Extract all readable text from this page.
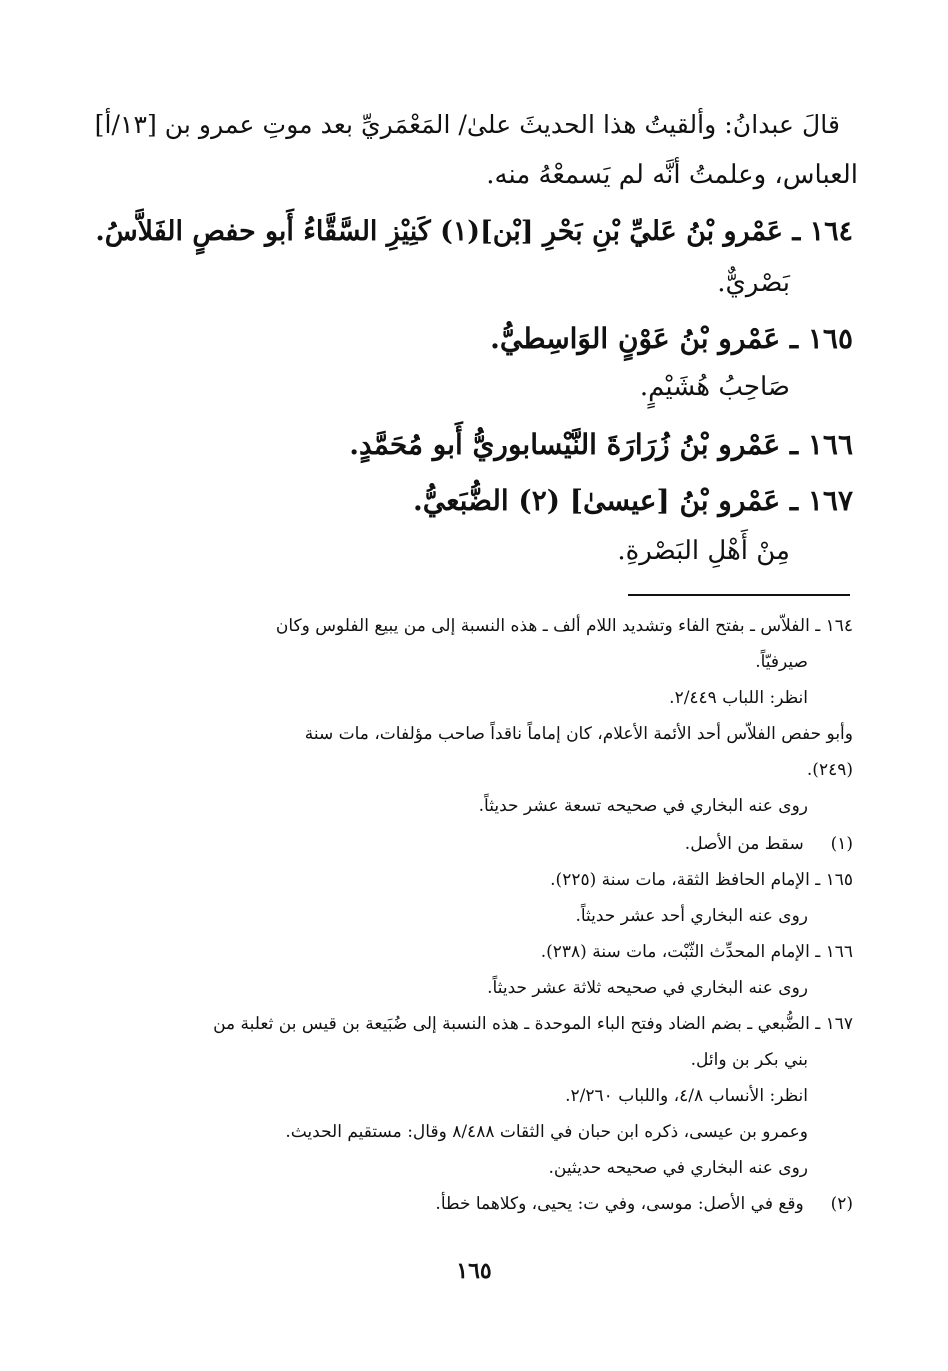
قالَ عبدانُ: وألقيتُ هذا الحديثَ علىٰ/ المَعْمَريِّ بعد موتِ عمرو بن [١٣/أ]
العباس، وعلمتُ أنَّه لم يَسمعْهُ منه.
١٦٤ ـ عَمْرو بْنُ عَليِّ بْنِ بَحْرِ [بْن](١) كَنِيْزِ السَّقَّاءُ أَبو حفصٍ الفَلاَّسُ.
بَصْريٌّ.
١٦٥ ـ عَمْرو بْنُ عَوْنٍ الوَاسِطيُّ.
صَاحِبُ هُشَيْمٍ.
١٦٦ ـ عَمْرو بْنُ زُرَارَةَ النَّيْسابوريُّ أَبو مُحَمَّدٍ.
١٦٧ ـ عَمْرو بْنُ [عيسىٰ] (٢) الضُّبَعيُّ.
مِنْ أَهْلِ البَصْرةِ.
١٦٤ ـ الفلاّس ـ بفتح الفاء وتشديد اللام ألف ـ هذه النسبة إلى من يبيع الفلوس وكان
صيرفيّاً.
انظر: اللباب ٢/٤٤٩.
وأبو حفص الفلاّس أحد الأئمة الأعلام، كان إماماً ناقداً صاحب مؤلفات، مات سنة
(٢٤٩).
روى عنه البخاري في صحيحه تسعة عشر حديثاً.
(١)  سقط من الأصل.
١٦٥ ـ الإمام الحافظ الثقة، مات سنة (٢٢٥).
روى عنه البخاري أحد عشر حديثاً.
١٦٦ ـ الإمام المحدِّث الثّبْت، مات سنة (٢٣٨).
روى عنه البخاري في صحيحه ثلاثة عشر حديثاً.
١٦٧ ـ الضُّبعي ـ بضم الضاد وفتح الباء الموحدة ـ هذه النسبة إلى ضُبَيعة بن قيس بن ثعلبة من
بني بكر بن وائل.
انظر: الأنساب ٤/٨، واللباب ٢/٢٦٠.
وعمرو بن عيسى، ذكره ابن حبان في الثقات ٨/٤٨٨ وقال: مستقيم الحديث.
روى عنه البخاري في صحيحه حديثين.
(٢)  وقع في الأصل: موسى، وفي ت: يحيى، وكلاهما خطأ.
١٦٥
